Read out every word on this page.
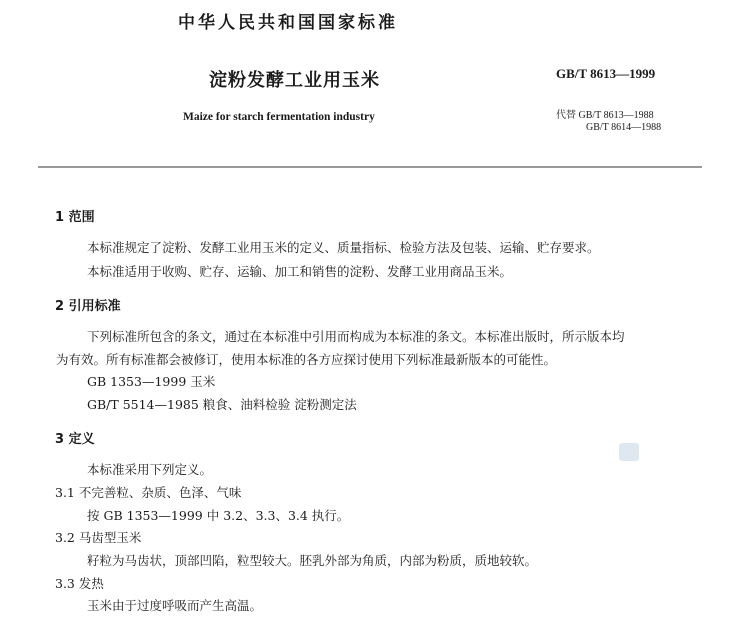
中华人民共和国国家标准
淀粉发酵工业用玉米	GB/T 8613—1999
Maize for starch fermentation industry	代替 GB/T 8613—1988
GB/T 8614—1988
1 范围
本标准规定了淀粉、发酵工业用玉米的定义、质量指标、检验方法及包装、运输、贮存要求。
本标准适用于收购、贮存、运输、加工和销售的淀粉、发酵工业用商品玉米。
2 引用标准
下列标准所包含的条文，通过在本标准中引用而构成为本标准的条文。本标准出版时，所示版本均
为有效。所有标准都会被修订，使用本标准的各方应探讨使用下列标准最新版本的可能性。
GB 1353—1999 玉米
GB/T 5514—1985 粮食、油料检验 淀粉测定法
3 定义
本标准采用下列定义。
3.1 不完善粒、杂质、色泽、气味
按 GB 1353—1999 中 3.2、3.3、3.4 执行。
3.2 马齿型玉米
籽粒为马齿状，顶部凹陷，粒型较大。胚乳外部为角质，内部为粉质，质地较软。
3.3 发热
玉米由于过度呼吸而产生高温。
